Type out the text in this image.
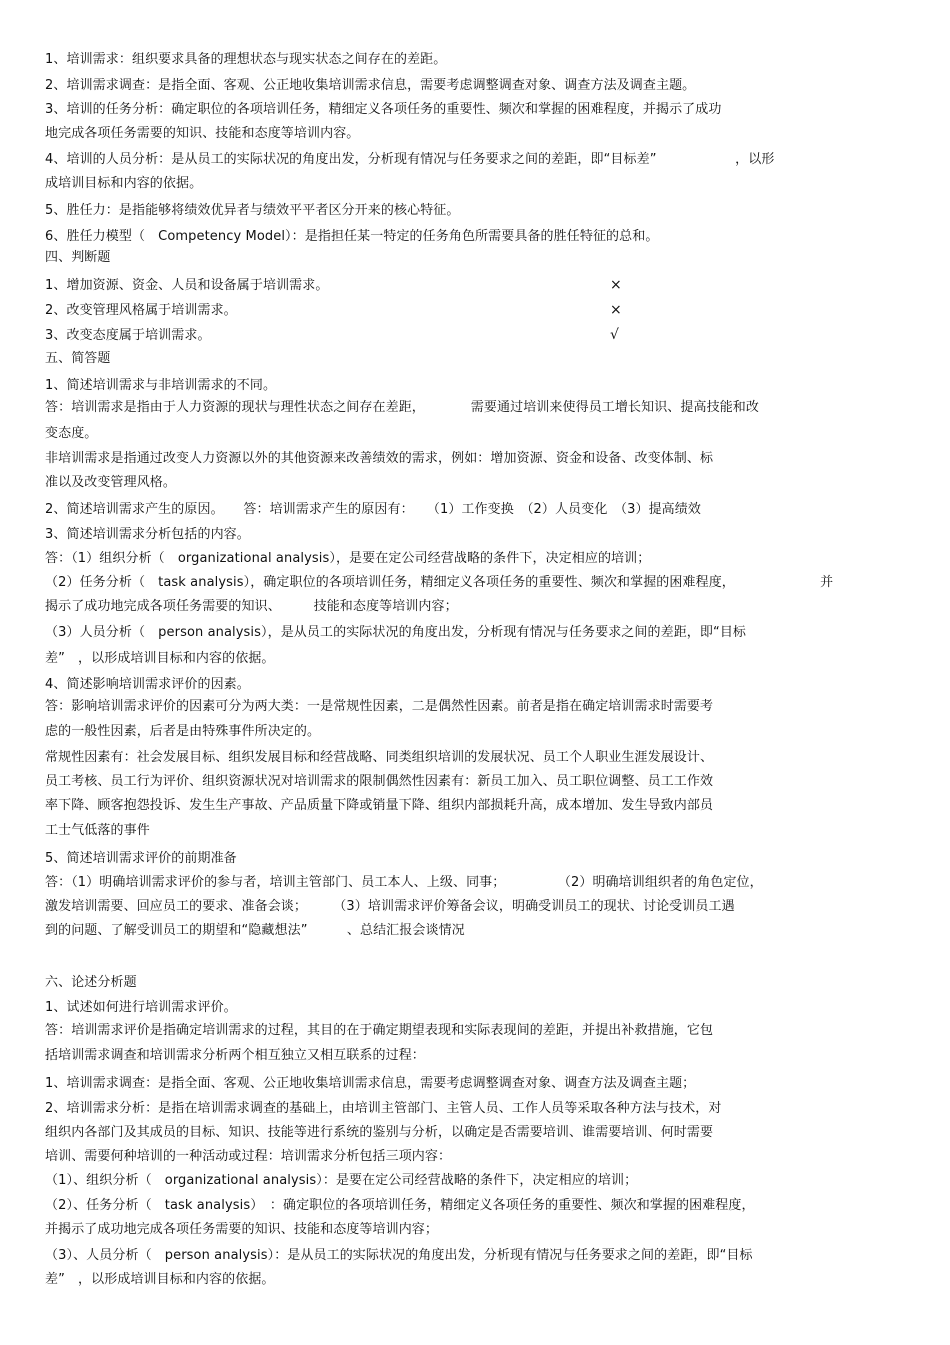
1、培训需求：组织要求具备的理想状态与现实状态之间存在的差距。
2、培训需求调查：是指全面、客观、公正地收集培训需求信息，需要考虑调整调查对象、调查方法及调查主题。
3、培训的任务分析：确定职位的各项培训任务，精细定义各项任务的重要性、频次和掌握的困难程度，并揭示了成功
地完成各项任务需要的知识、技能和态度等培训内容。
4、培训的人员分析：是从员工的实际状况的角度出发，分析现有情况与任务要求之间的差距，即“目标差”　　　　　　，以形
成培训目标和内容的依据。
5、胜任力：是指能够将绩效优异者与绩效平平者区分开来的核心特征。
6、胜任力模型（　Competency Model）：是指担任某一特定的任务角色所需要具备的胜任特征的总和。
四、判断题
1、增加资源、资金、人员和设备属于培训需求。
2、改变管理风格属于培训需求。
3、改变态度属于培训需求。
五、简答题
1、简述培训需求与非培训需求的不同。
答：培训需求是指由于人力资源的现状与理性状态之间存在差距，　　　　需要通过培训来使得员工增长知识、提高技能和改
变态度。
非培训需求是指通过改变人力资源以外的其他资源来改善绩效的需求，例如：增加资源、资金和设备、改变体制、标
准以及改变管理风格。
2、简述培训需求产生的原因。　　答：培训需求产生的原因有：　　（1）工作变换　（2）人员变化　（3）提高绩效
3、简述培训需求分析包括的内容。
答：（1）组织分析（　organizational analysis），是要在定公司经营战略的条件下，决定相应的培训；
（2）任务分析（　task analysis），确定职位的各项培训任务，精细定义各项任务的重要性、频次和掌握的困难程度，　　　　　　　并
揭示了成功地完成各项任务需要的知识、　　　技能和态度等培训内容；
（3）人员分析（　person analysis），是从员工的实际状况的角度出发，分析现有情况与任务要求之间的差距，即“目标
差”　，以形成培训目标和内容的依据。
4、简述影响培训需求评价的因素。
答：影响培训需求评价的因素可分为两大类：一是常规性因素，二是偶然性因素。前者是指在确定培训需求时需要考
虑的一般性因素，后者是由特殊事件所决定的。
常规性因素有：社会发展目标、组织发展目标和经营战略、同类组织培训的发展状况、员工个人职业生涯发展设计、
员工考核、员工行为评价、组织资源状况对培训需求的限制偶然性因素有：新员工加入、员工职位调整、员工工作效
率下降、顾客抱怨投诉、发生生产事故、产品质量下降或销量下降、组织内部损耗升高，成本增加、发生导致内部员
工士气低落的事件
5、简述培训需求评价的前期准备
答：（1）明确培训需求评价的参与者，培训主管部门、员工本人、上级、同事；　　　　　（2）明确培训组织者的角色定位，
激发培训需要、回应员工的要求、准备会谈；　　　（3）培训需求评价筹备会议，明确受训员工的现状、讨论受训员工遇
到的问题、了解受训员工的期望和“隐藏想法”　　　、总结汇报会谈情况
六、论述分析题
1、试述如何进行培训需求评价。
答：培训需求评价是指确定培训需求的过程，其目的在于确定期望表现和实际表现间的差距，并提出补救措施，它包
括培训需求调查和培训需求分析两个相互独立又相互联系的过程：
1、培训需求调查：是指全面、客观、公正地收集培训需求信息，需要考虑调整调查对象、调查方法及调查主题；
2、培训需求分析：是指在培训需求调查的基础上，由培训主管部门、主管人员、工作人员等采取各种方法与技术，对
组织内各部门及其成员的目标、知识、技能等进行系统的鉴别与分析，以确定是否需要培训、谁需要培训、何时需要
培训、需要何种培训的一种活动或过程：培训需求分析包括三项内容：
（1）、组织分析（　organizational analysis）：是要在定公司经营战略的条件下，决定相应的培训；
（2）、任务分析（　task analysis）　：确定职位的各项培训任务，精细定义各项任务的重要性、频次和掌握的困难程度，
并揭示了成功地完成各项任务需要的知识、技能和态度等培训内容；
（3）、人员分析（　person analysis）：是从员工的实际状况的角度出发，分析现有情况与任务要求之间的差距，即“目标
差”　，以形成培训目标和内容的依据。
×
×
√
